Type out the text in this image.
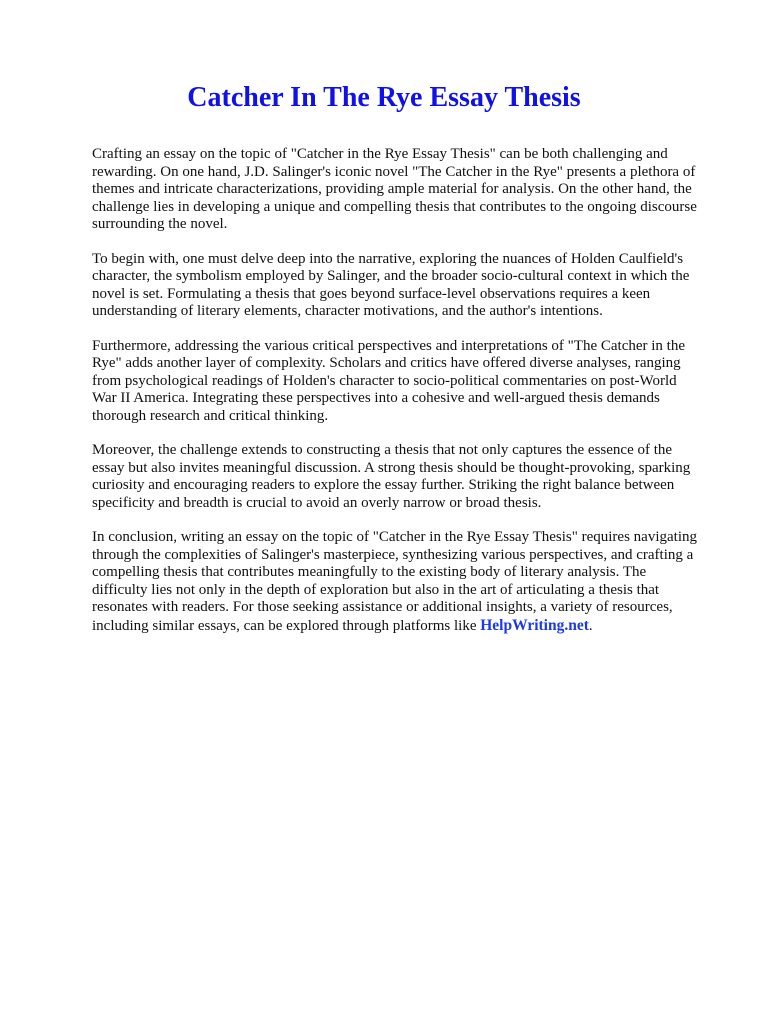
Catcher In The Rye Essay Thesis

Crafting an essay on the topic of "Catcher in the Rye Essay Thesis" can be both challenging and rewarding. On one hand, J.D. Salinger's iconic novel "The Catcher in the Rye" presents a plethora of themes and intricate characterizations, providing ample material for analysis. On the other hand, the challenge lies in developing a unique and compelling thesis that contributes to the ongoing discourse surrounding the novel.

To begin with, one must delve deep into the narrative, exploring the nuances of Holden Caulfield's character, the symbolism employed by Salinger, and the broader socio-cultural context in which the novel is set. Formulating a thesis that goes beyond surface-level observations requires a keen understanding of literary elements, character motivations, and the author's intentions.

Furthermore, addressing the various critical perspectives and interpretations of "The Catcher in the Rye" adds another layer of complexity. Scholars and critics have offered diverse analyses, ranging from psychological readings of Holden's character to socio-political commentaries on post-World War II America. Integrating these perspectives into a cohesive and well-argued thesis demands thorough research and critical thinking.

Moreover, the challenge extends to constructing a thesis that not only captures the essence of the essay but also invites meaningful discussion. A strong thesis should be thought-provoking, sparking curiosity and encouraging readers to explore the essay further. Striking the right balance between specificity and breadth is crucial to avoid an overly narrow or broad thesis.

In conclusion, writing an essay on the topic of "Catcher in the Rye Essay Thesis" requires navigating through the complexities of Salinger's masterpiece, synthesizing various perspectives, and crafting a compelling thesis that contributes meaningfully to the existing body of literary analysis. The difficulty lies not only in the depth of exploration but also in the art of articulating a thesis that resonates with readers. For those seeking assistance or additional insights, a variety of resources, including similar essays, can be explored through platforms like HelpWriting.net.
